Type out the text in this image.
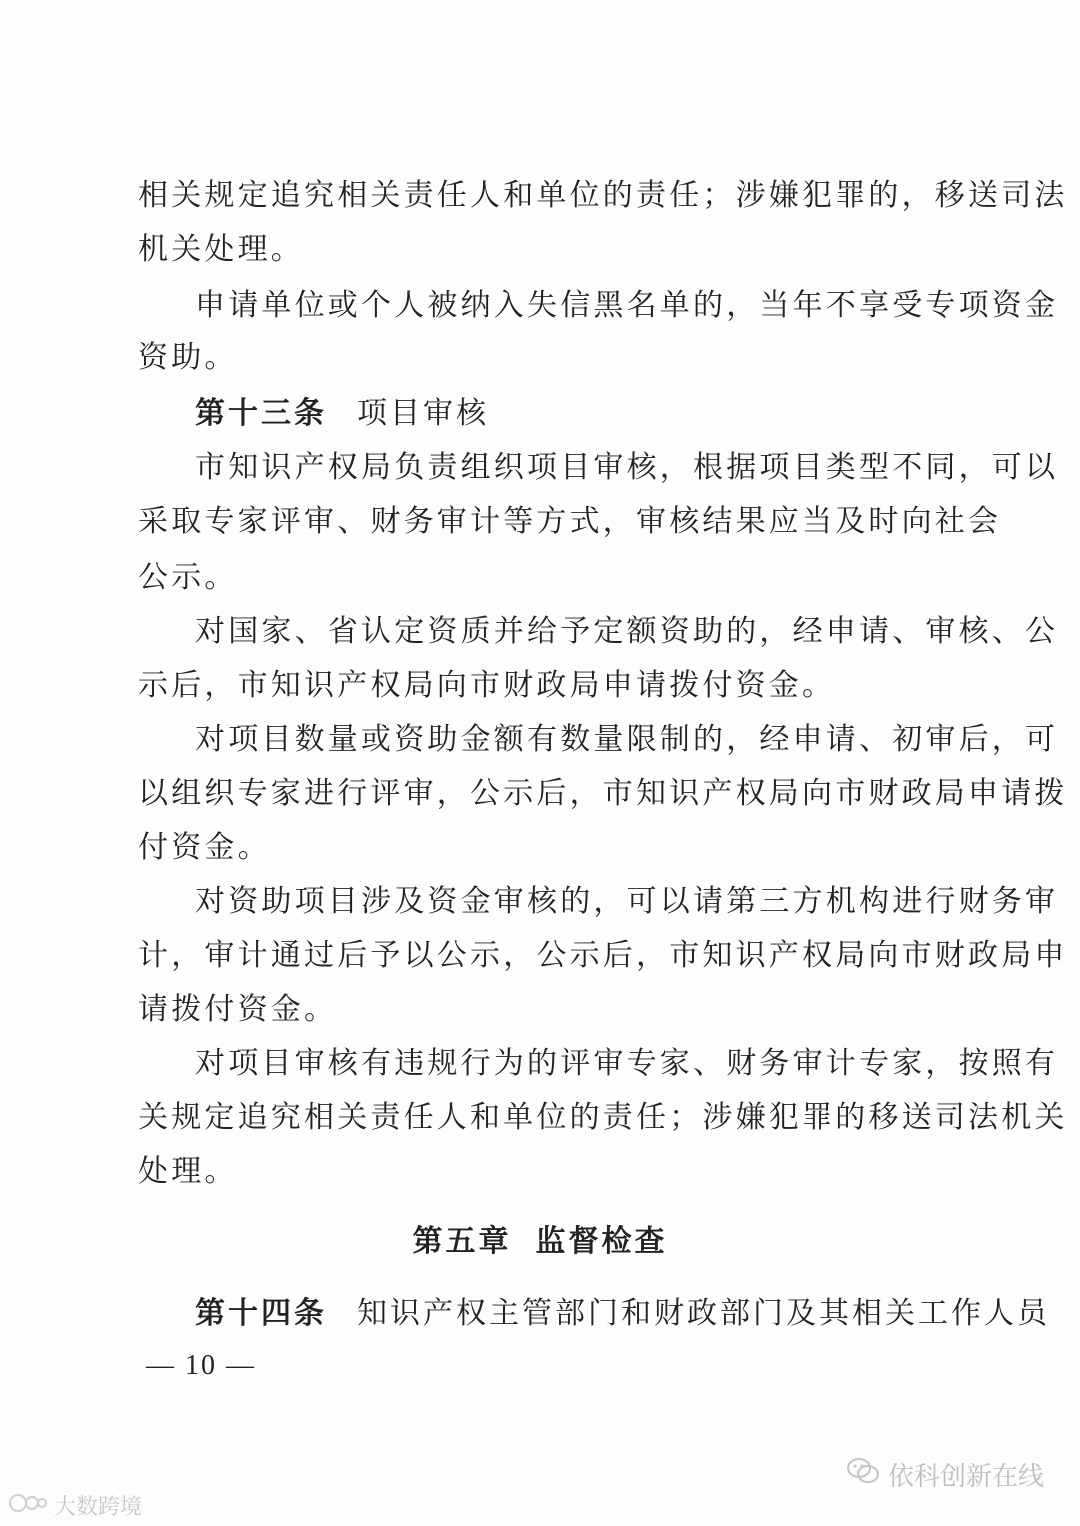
相关规定追究相关责任人和单位的责任；涉嫌犯罪的，移送司法
机关处理。
申请单位或个人被纳入失信黑名单的，当年不享受专项资金
资助。
第十三条 项目审核
市知识产权局负责组织项目审核，根据项目类型不同，可以
采取专家评审、财务审计等方式，审核结果应当及时向社会
公示。
对国家、省认定资质并给予定额资助的，经申请、审核、公
示后，市知识产权局向市财政局申请拨付资金。
对项目数量或资助金额有数量限制的，经申请、初审后，可
以组织专家进行评审，公示后，市知识产权局向市财政局申请拨
付资金。
对资助项目涉及资金审核的，可以请第三方机构进行财务审
计，审计通过后予以公示，公示后，市知识产权局向市财政局申
请拨付资金。
对项目审核有违规行为的评审专家、财务审计专家，按照有
关规定追究相关责任人和单位的责任；涉嫌犯罪的移送司法机关
处理。
第五章 监督检查
第十四条 知识产权主管部门和财政部门及其相关工作人员
— 10 —
依科创新在线
大数跨境
